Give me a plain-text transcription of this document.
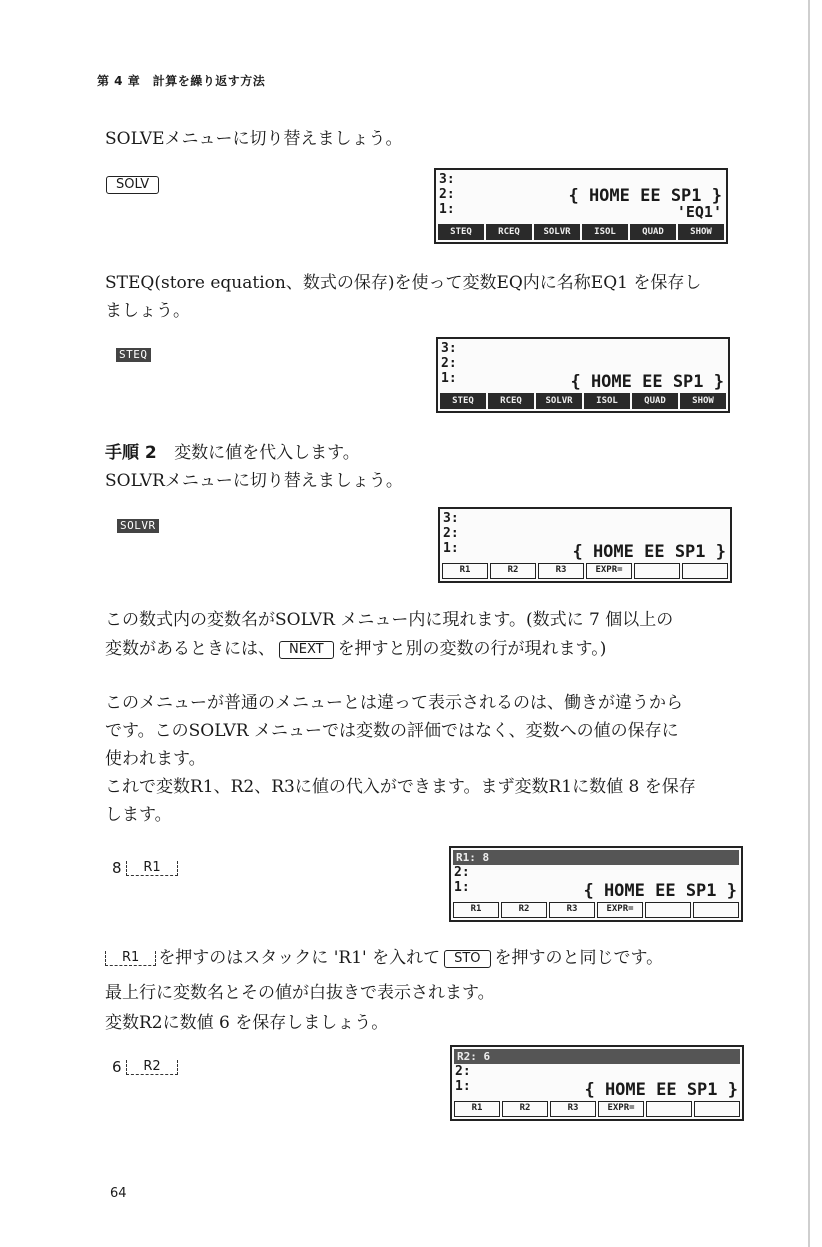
第 4 章　計算を繰り返す方法
SOLVEメニューに切り替えましょう。
SOLV	3:
2:
1:
{ HOME EE SP1 }
'EQ1'
STEQ	RCEQ	SOLVR	ISOL	QUAD	SHOW
STEQ(store equation、数式の保存)を使って変数EQ内に名称EQ1 を保存し
ましょう。
STEQ	3:
2:
1:	{ HOME EE SP1 }
STEQ	RCEQ	SOLVR	ISOL	QUAD	SHOW
手順 2 変数に値を代入します。
SOLVRメニューに切り替えましょう。
SOLVR	3:
2:
1:	{ HOME EE SP1 }
R1	R2	R3	EXPR=
この数式内の変数名がSOLVR メニュー内に現れます。(数式に 7 個以上の
変数があるときには、 NEXT を押すと別の変数の行が現れます。)
このメニューが普通のメニューとは違って表示されるのは、働きが違うから
です。このSOLVR メニューでは変数の評価ではなく、変数への値の保存に
使われます。
これで変数R1、R2、R3に値の代入ができます。まず変数R1に数値 8 を保存
します。
8 R1
R1: 8
2:
1:	{ HOME EE SP1 }
R1	R2	R3	EXPR=
R1 を押すのはスタックに 'R1' を入れて STO を押すのと同じです。
最上行に変数名とその値が白抜きで表示されます。
変数R2に数値 6 を保存しましょう。
6 R2
R2: 6
2:
1:	{ HOME EE SP1 }
R1	R2	R3	EXPR=
64
